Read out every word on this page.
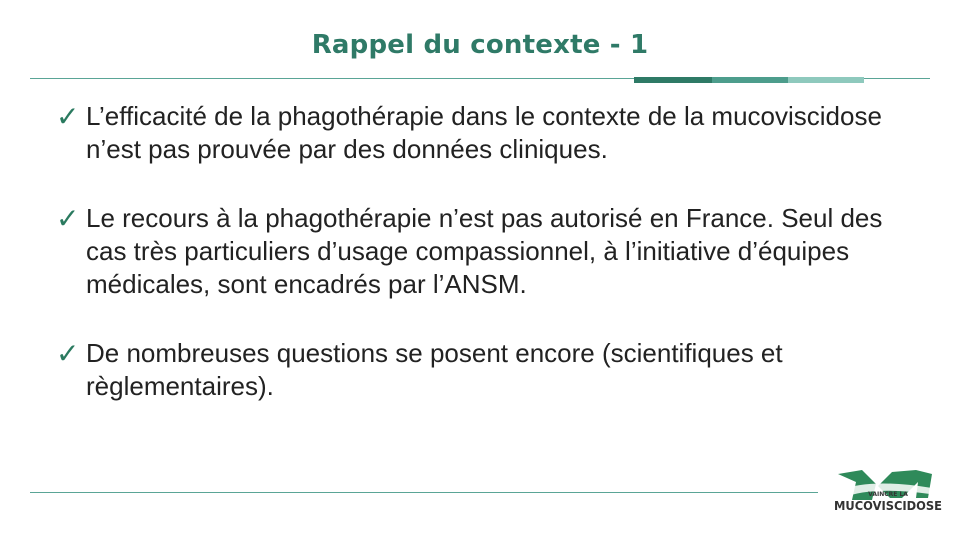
Rappel du contexte - 1
✓ L’efficacité de la phagothérapie dans le contexte de la mucoviscidose n’est pas prouvée par des données cliniques.
✓ Le recours à la phagothérapie n’est pas autorisé en France. Seul des cas très particuliers d’usage compassionnel, à l’initiative d’équipes médicales, sont encadrés par l’ANSM.
✓ De nombreuses questions se posent encore (scientifiques et règlementaires).
VAINCRE LA
MUCOVISCIDOSE
